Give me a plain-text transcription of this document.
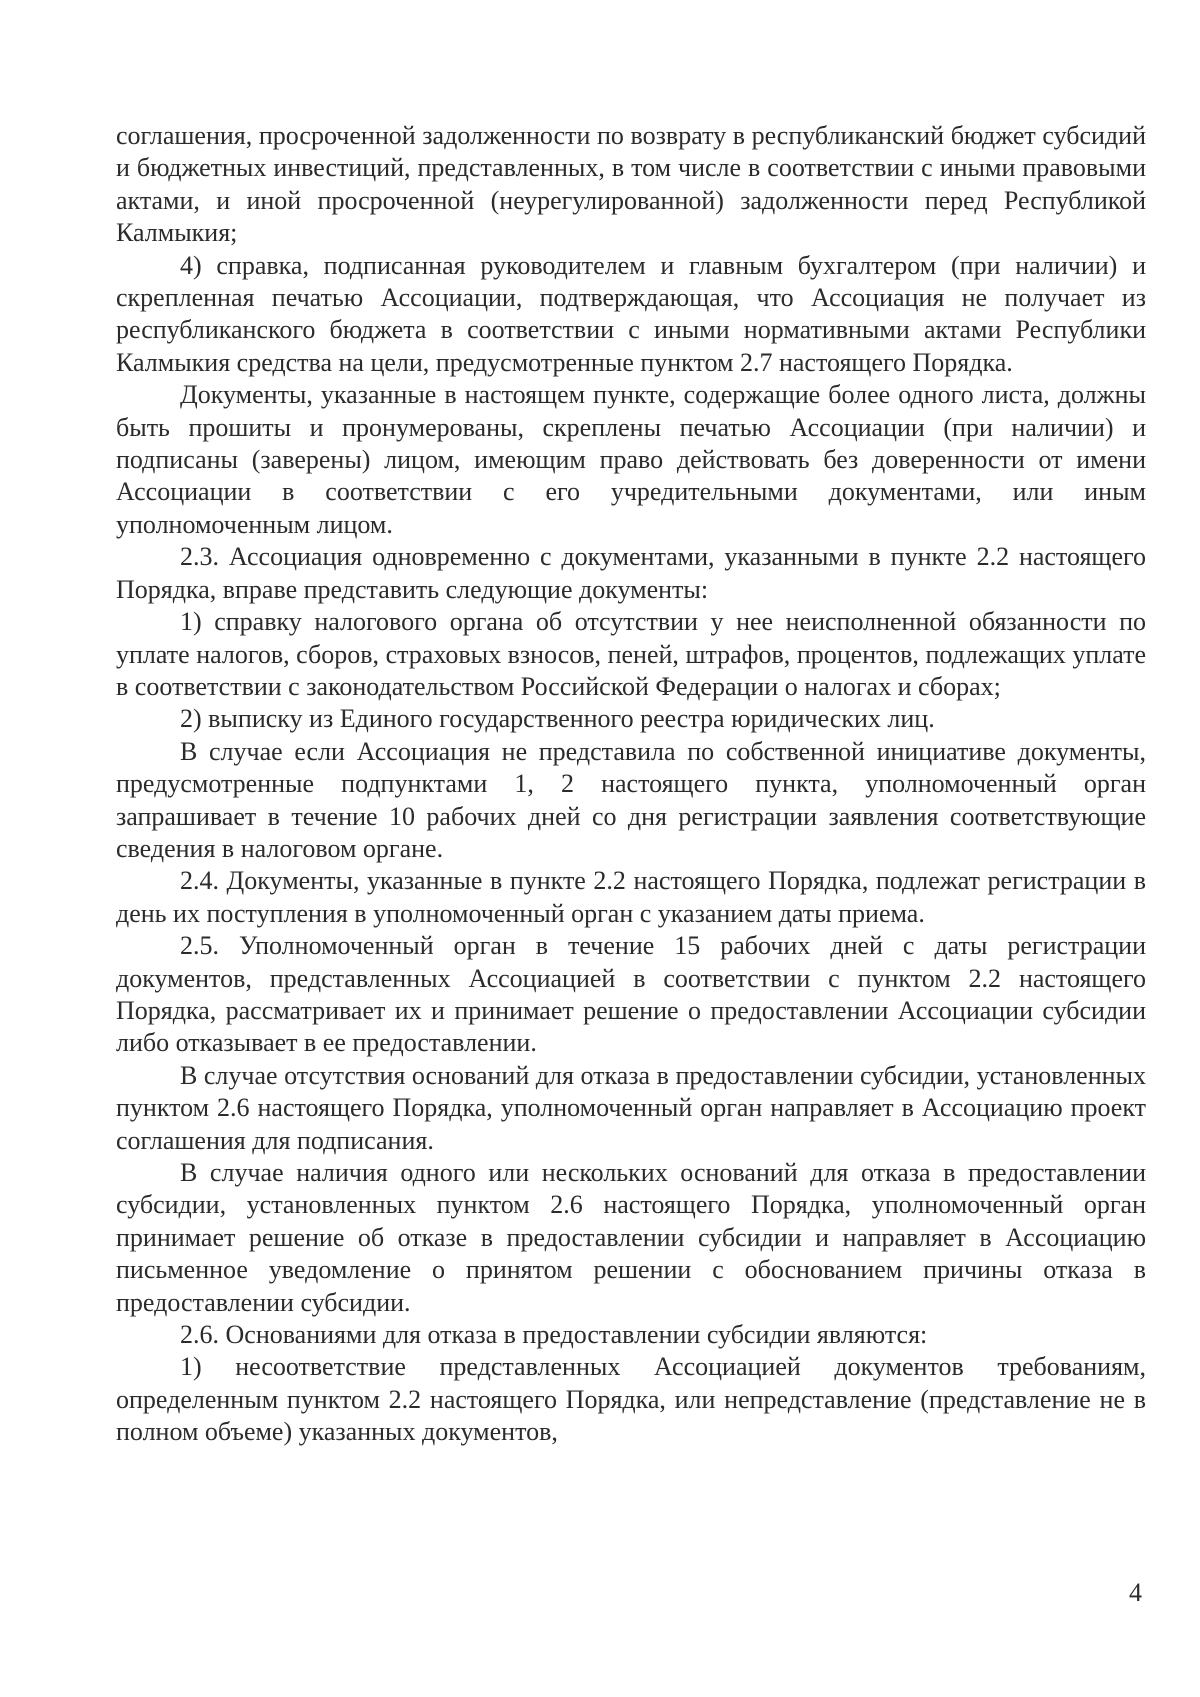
соглашения, просроченной задолженности по возврату в республиканский бюджет субсидий и бюджетных инвестиций, представленных, в том числе в соответствии с иными правовыми актами, и иной просроченной (неурегулированной) задолженности перед Республикой Калмыкия;

4) справка, подписанная руководителем и главным бухгалтером (при наличии) и скрепленная печатью Ассоциации, подтверждающая, что Ассоциация не получает из республиканского бюджета в соответствии с иными нормативными актами Республики Калмыкия средства на цели, предусмотренные пунктом 2.7 настоящего Порядка.

Документы, указанные в настоящем пункте, содержащие более одного листа, должны быть прошиты и пронумерованы, скреплены печатью Ассоциации (при наличии) и подписаны (заверены) лицом, имеющим право действовать без доверенности от имени Ассоциации в соответствии с его учредительными документами, или иным уполномоченным лицом.

2.3. Ассоциация одновременно с документами, указанными в пункте 2.2 настоящего Порядка, вправе представить следующие документы:

1) справку налогового органа об отсутствии у нее неисполненной обязанности по уплате налогов, сборов, страховых взносов, пеней, штрафов, процентов, подлежащих уплате в соответствии с законодательством Российской Федерации о налогах и сборах;

2) выписку из Единого государственного реестра юридических лиц.

В случае если Ассоциация не представила по собственной инициативе документы, предусмотренные подпунктами 1, 2 настоящего пункта, уполномоченный орган запрашивает в течение 10 рабочих дней со дня регистрации заявления соответствующие сведения в налоговом органе.

2.4. Документы, указанные в пункте 2.2 настоящего Порядка, подлежат регистрации в день их поступления в уполномоченный орган с указанием даты приема.

2.5. Уполномоченный орган в течение 15 рабочих дней с даты регистрации документов, представленных Ассоциацией в соответствии с пунктом 2.2 настоящего Порядка, рассматривает их и принимает решение о предоставлении Ассоциации субсидии либо отказывает в ее предоставлении.

В случае отсутствия оснований для отказа в предоставлении субсидии, установленных пунктом 2.6 настоящего Порядка, уполномоченный орган направляет в Ассоциацию проект соглашения для подписания.

В случае наличия одного или нескольких оснований для отказа в предоставлении субсидии, установленных пунктом 2.6 настоящего Порядка, уполномоченный орган принимает решение об отказе в предоставлении субсидии и направляет в Ассоциацию письменное уведомление о принятом решении с обоснованием причины отказа в предоставлении субсидии.

2.6. Основаниями для отказа в предоставлении субсидии являются:

1) несоответствие представленных Ассоциацией документов требованиям, определенным пунктом 2.2 настоящего Порядка, или непредставление (представление не в полном объеме) указанных документов,

4
